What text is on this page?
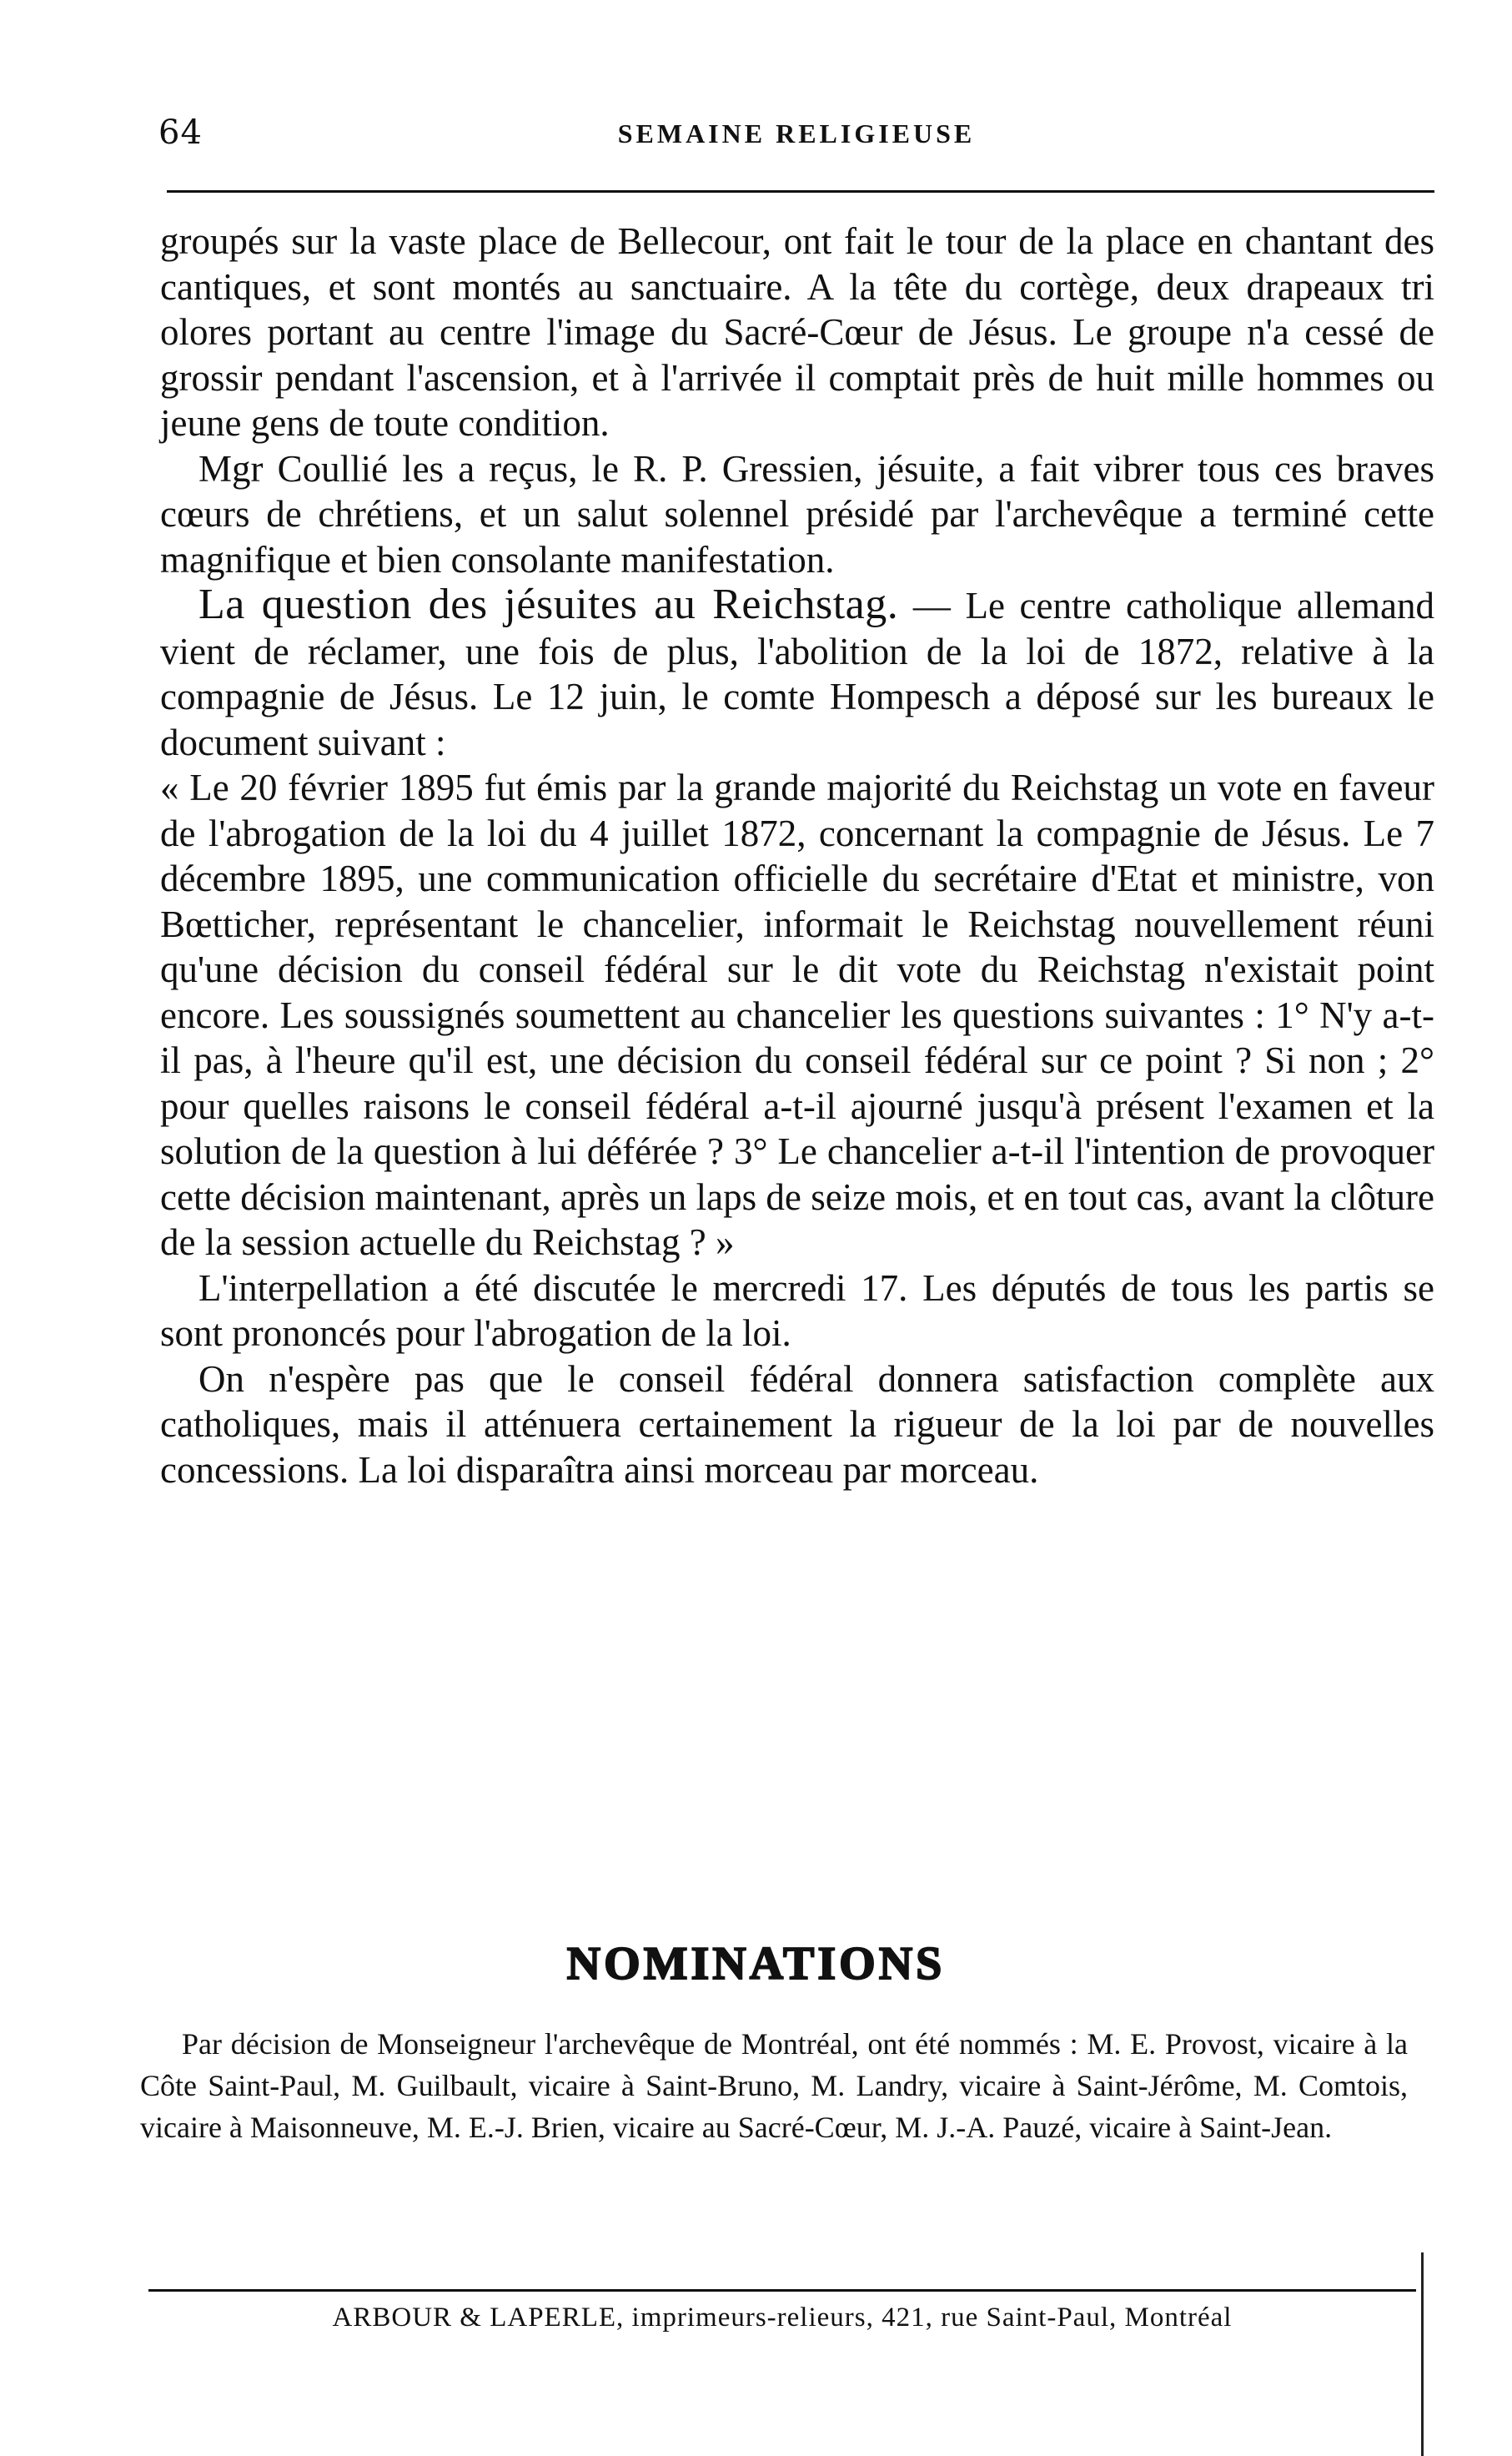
64	SEMAINE RELIGIEUSE

groupés sur la vaste place de Bellecour, ont fait le tour de la place en chantant des cantiques, et sont montés au sanctuaire. A la tête du cortège, deux drapeaux tri olores portant au centre l'image du Sacré-Cœur de Jésus. Le groupe n'a cessé de grossir pendant l'ascension, et à l'arrivée il comptait près de huit mille hommes ou jeune gens de toute condition.

Mgr Coullié les a reçus, le R. P. Gressien, jésuite, a fait vibrer tous ces braves cœurs de chrétiens, et un salut solennel présidé par l'archevêque a terminé cette magnifique et bien consolante manifestation.

La question des jésuites au Reichstag. — Le centre catholique allemand vient de réclamer, une fois de plus, l'abolition de la loi de 1872, relative à la compagnie de Jésus. Le 12 juin, le comte Hompesch a déposé sur les bureaux le document suivant :

« Le 20 février 1895 fut émis par la grande majorité du Reichstag un vote en faveur de l'abrogation de la loi du 4 juillet 1872, concernant la compagnie de Jésus. Le 7 décembre 1895, une communication officielle du secrétaire d'Etat et ministre, von Bœtticher, représentant le chancelier, informait le Reichstag nouvellement réuni qu'une décision du conseil fédéral sur le dit vote du Reichstag n'existait point encore. Les soussignés soumettent au chancelier les questions suivantes : 1° N'y a-t-il pas, à l'heure qu'il est, une décision du conseil fédéral sur ce point ? Si non ; 2° pour quelles raisons le conseil fédéral a-t-il ajourné jusqu'à présent l'examen et la solution de la question à lui déférée ? 3° Le chancelier a-t-il l'intention de provoquer cette décision maintenant, après un laps de seize mois, et en tout cas, avant la clôture de la session actuelle du Reichstag ? »

L'interpellation a été discutée le mercredi 17. Les députés de tous les partis se sont prononcés pour l'abrogation de la loi.

On n'espère pas que le conseil fédéral donnera satisfaction complète aux catholiques, mais il atténuera certainement la rigueur de la loi par de nouvelles concessions. La loi disparaîtra ainsi morceau par morceau.

NOMINATIONS

Par décision de Monseigneur l'archevêque de Montréal, ont été nommés : M. E. Provost, vicaire à la Côte Saint-Paul, M. Guilbault, vicaire à Saint-Bruno, M. Landry, vicaire à Saint-Jérôme, M. Comtois, vicaire à Maisonneuve, M. E.-J. Brien, vicaire au Sacré-Cœur, M. J.-A. Pauzé, vicaire à Saint-Jean.

ARBOUR & LAPERLE, imprimeurs-relieurs, 421, rue Saint-Paul, Montréal
